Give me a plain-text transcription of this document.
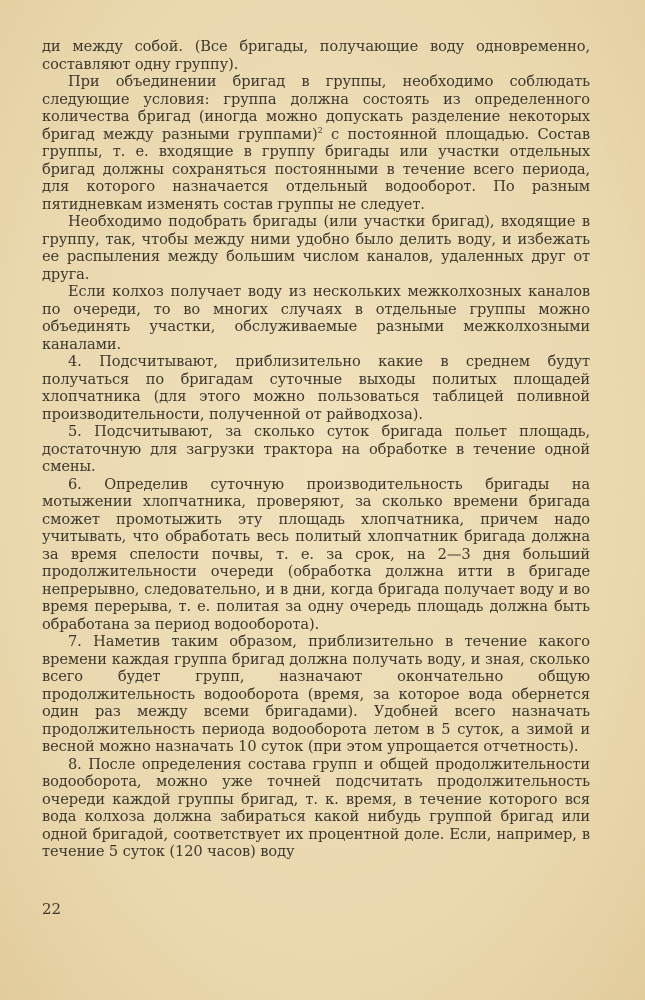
ди между собой. (Все бригады, получающие воду одновременно, составляют одну группу).

При объединении бригад в группы, необходимо соблюдать следующие условия: группа должна состоять из определенного количества бригад (иногда можно допускать разделение некоторых бригад между разными группами)$^2$ с постоянной площадью. Состав группы, т. е. входящие в группу бригады или участки отдельных бригад должны сохраняться постоянными в течение всего периода, для которого назначается отдельный водооборот. По разным пятидневкам изменять состав группы не следует.

Необходимо подобрать бригады (или участки бригад), входящие в группу, так, чтобы между ними удобно было делить воду, и избежать ее распыления между большим числом каналов, удаленных друг от друга.

Если колхоз получает воду из нескольких межколхозных каналов по очереди, то во многих случаях в отдельные группы можно объединять участки, обслуживаемые разными межколхозными каналами.

4. Подсчитывают, приблизительно какие в среднем будут получаться по бригадам суточные выходы политых площадей хлопчатника (для этого можно пользоваться таблицей поливной производительности, полученной от райводхоза).

5. Подсчитывают, за сколько суток бригада польет площадь, достаточную для загрузки трактора на обработке в течение одной смены.

6. Определив суточную производительность бригады на мотыжении хлопчатника, проверяют, за сколько времени бригада сможет промотыжить эту площадь хлопчатника, причем надо учитывать, что обработать весь политый хлопчатник бригада должна за время спелости почвы, т. е. за срок, на 2—3 дня больший продолжительности очереди (обработка должна итти в бригаде непрерывно, следовательно, и в дни, когда бригада получает воду и во время перерыва, т. е. политая за одну очередь площадь должна быть обработана за период водооборота).

7. Наметив таким образом, приблизительно в течение какого времени каждая группа бригад должна получать воду, и зная, сколько всего будет групп, назначают окончательно общую продолжительность водооборота (время, за которое вода обернется один раз между всеми бригадами). Удобней всего назначать продолжительность периода водооборота летом в 5 суток, а зимой и весной можно назначать 10 суток (при этом упрощается отчетность).

8. После определения состава групп и общей продолжительности водооборота, можно уже точней подсчитать продолжительность очереди каждой группы бригад, т. к. время, в течение которого вся вода колхоза должна забираться какой нибудь группой бригад или одной бригадой, соответствует их процентной доле. Если, например, в течение 5 суток (120 часов) воду

22
